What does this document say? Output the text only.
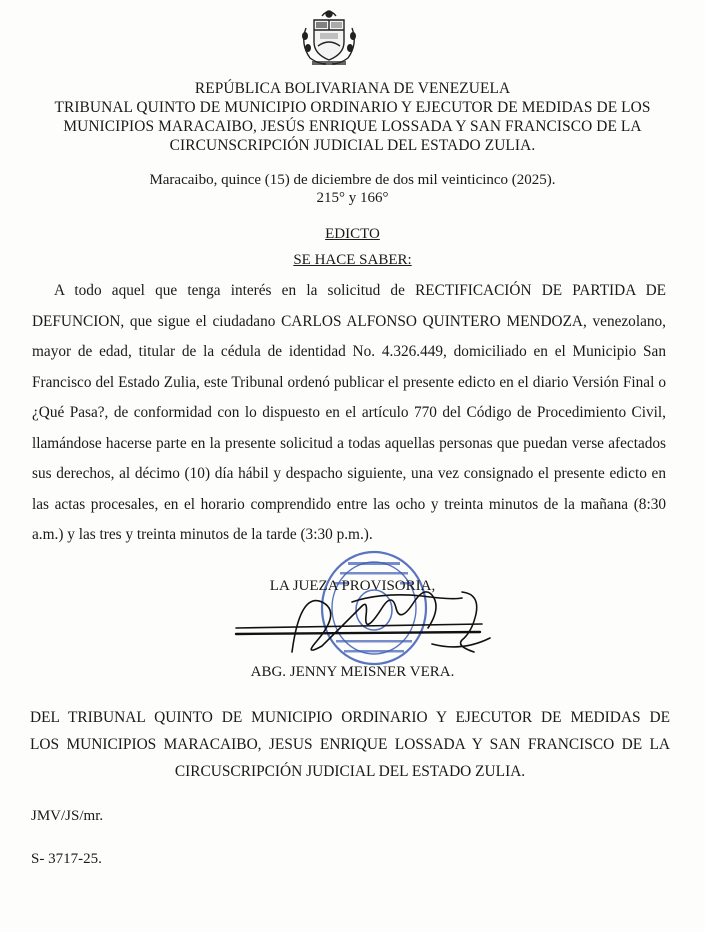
REPÚBLICA BOLIVARIANA DE VENEZUELA
TRIBUNAL QUINTO DE MUNICIPIO ORDINARIO Y EJECUTOR DE MEDIDAS DE LOS
MUNICIPIOS MARACAIBO, JESÚS ENRIQUE LOSSADA Y SAN FRANCISCO DE LA
CIRCUNSCRIPCIÓN JUDICIAL DEL ESTADO ZULIA.
Maracaibo, quince (15) de diciembre de dos mil veinticinco (2025).
215° y 166°
EDICTO
SE HACE SABER:

A todo aquel que tenga interés en la solicitud de RECTIFICACIÓN DE PARTIDA DE DEFUNCION, que sigue el ciudadano CARLOS ALFONSO QUINTERO MENDOZA, venezolano, mayor de edad, titular de la cédula de identidad No. 4.326.449, domiciliado en el Municipio San Francisco del Estado Zulia, este Tribunal ordenó publicar el presente edicto en el diario Versión Final o ¿Qué Pasa?, de conformidad con lo dispuesto en el artículo 770 del Código de Procedimiento Civil, llamándose hacerse parte en la presente solicitud a todas aquellas personas que puedan verse afectados sus derechos, al décimo (10) día hábil y despacho siguiente, una vez consignado el presente edicto en las actas procesales, en el horario comprendido entre las ocho y treinta minutos de la mañana (8:30 a.m.) y las tres y treinta minutos de la tarde (3:30 p.m.).

LA JUEZA PROVISORIA,
ABG. JENNY MEISNER VERA.
DEL TRIBUNAL QUINTO DE MUNICIPIO ORDINARIO Y EJECUTOR DE MEDIDAS DE
LOS MUNICIPIOS MARACAIBO, JESUS ENRIQUE LOSSADA Y SAN FRANCISCO DE LA
CIRCUSCRIPCIÓN JUDICIAL DEL ESTADO ZULIA.
JMV/JS/mr.
S- 3717-25.
